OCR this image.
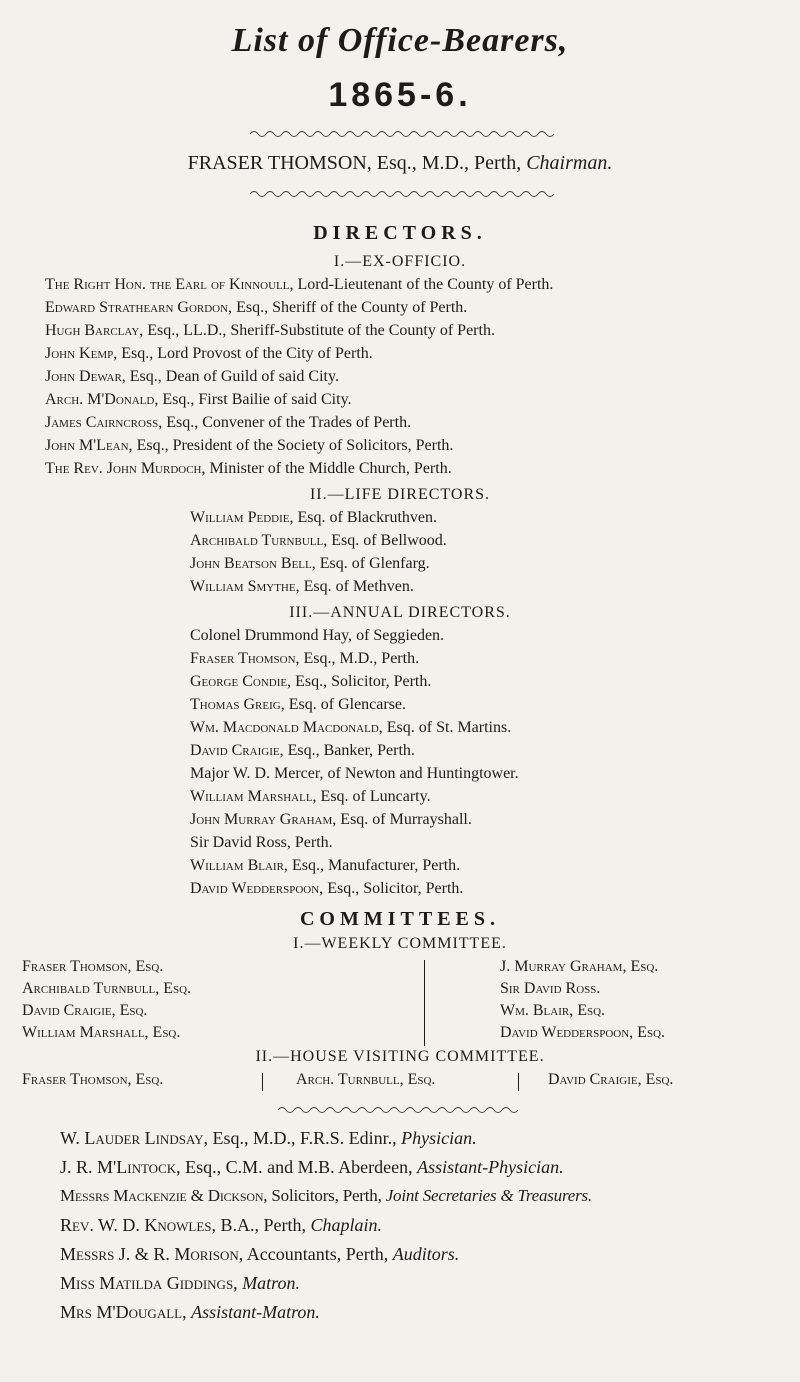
List of Office-Bearers,
1865-6.
FRASER THOMSON, Esq., M.D., Perth, Chairman.
DIRECTORS.
I.—EX-OFFICIO.
The Right Hon. the Earl of Kinnoull, Lord-Lieutenant of the County of Perth.
Edward Strathearn Gordon, Esq., Sheriff of the County of Perth.
Hugh Barclay, Esq., LL.D., Sheriff-Substitute of the County of Perth.
John Kemp, Esq., Lord Provost of the City of Perth.
John Dewar, Esq., Dean of Guild of said City.
Arch. M'Donald, Esq., First Bailie of said City.
James Cairncross, Esq., Convener of the Trades of Perth.
John M'Lean, Esq., President of the Society of Solicitors, Perth.
The Rev. John Murdoch, Minister of the Middle Church, Perth.
II.—LIFE DIRECTORS.
William Peddie, Esq. of Blackruthven.
Archibald Turnbull, Esq. of Bellwood.
John Beatson Bell, Esq. of Glenfarg.
William Smythe, Esq. of Methven.
III.—ANNUAL DIRECTORS.
Colonel Drummond Hay, of Seggieden.
Fraser Thomson, Esq., M.D., Perth.
George Condie, Esq., Solicitor, Perth.
Thomas Greig, Esq. of Glencarse.
Wm. Macdonald Macdonald, Esq. of St. Martins.
David Craigie, Esq., Banker, Perth.
Major W. D. Mercer, of Newton and Huntingtower.
William Marshall, Esq. of Luncarty.
John Murray Graham, Esq. of Murrayshall.
Sir David Ross, Perth.
William Blair, Esq., Manufacturer, Perth.
David Wedderspoon, Esq., Solicitor, Perth.
COMMITTEES.
I.—WEEKLY COMMITTEE.
Fraser Thomson, Esq.
Archibald Turnbull, Esq.
David Craigie, Esq.
William Marshall, Esq.
J. Murray Graham, Esq.
Sir David Ross.
Wm. Blair, Esq.
David Wedderspoon, Esq.
II.—HOUSE VISITING COMMITTEE.
Fraser Thomson, Esq.	Arch. Turnbull, Esq.	David Craigie, Esq.
W. Lauder Lindsay, Esq., M.D., F.R.S. Edinr., Physician.
J. R. M'Lintock, Esq., C.M. and M.B. Aberdeen, Assistant-Physician.
Messrs Mackenzie & Dickson, Solicitors, Perth, Joint Secretaries & Treasurers.
Rev. W. D. Knowles, B.A., Perth, Chaplain.
Messrs J. & R. Morison, Accountants, Perth, Auditors.
Miss Matilda Giddings, Matron.
Mrs M'Dougall, Assistant-Matron.
